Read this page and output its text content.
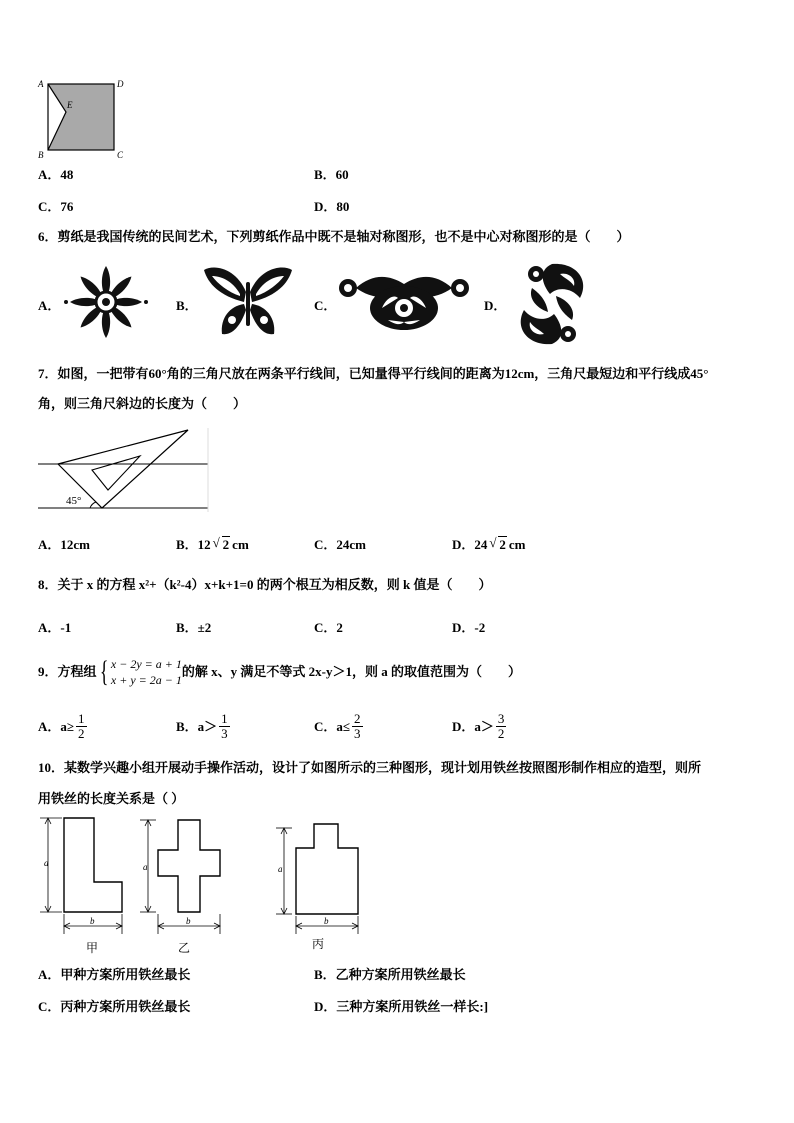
A	D
E
B	C
A．48	B．60
C．76	D．80
6．剪纸是我国传统的民间艺术，下列剪纸作品中既不是轴对称图形，也不是中心对称图形的是（　　）
A．	B．	C．	D．
7．如图，一把带有60°角的三角尺放在两条平行线间，已知量得平行线间的距离为12cm，三角尺最短边和平行线成45°
角，则三角尺斜边的长度为（　　）
45°
A．12cm	B．12 √ 2 cm	C．24cm	D．24 √ 2 cm
8．关于 x 的方程 x²+（k²-4）x+k+1=0 的两个根互为相反数，则 k 值是（　　）
A．-1	B．±2	C．2	D．-2
9．方程组 { x − 2y = a + 1
x + y = 2a − 1
的解 x、y 满足不等式 2x-y＞1，则 a 的取值范围为（　　）
A．$a\ge \frac{1}{2}$	B．$a> \frac{1}{3}$	C．$a\le \frac{2}{3}$	D．$a> \frac{3}{2}$
10．某数学兴趣小组开展动手操作活动，设计了如图所示的三种图形，现计划用铁丝按照图形制作相应的造型，则所
用铁丝的长度关系是（ ）
a
b
甲
a
b
乙
a
b
丙
A．甲种方案所用铁丝最长	B．乙种方案所用铁丝最长
C．丙种方案所用铁丝最长	D．三种方案所用铁丝一样长:]
